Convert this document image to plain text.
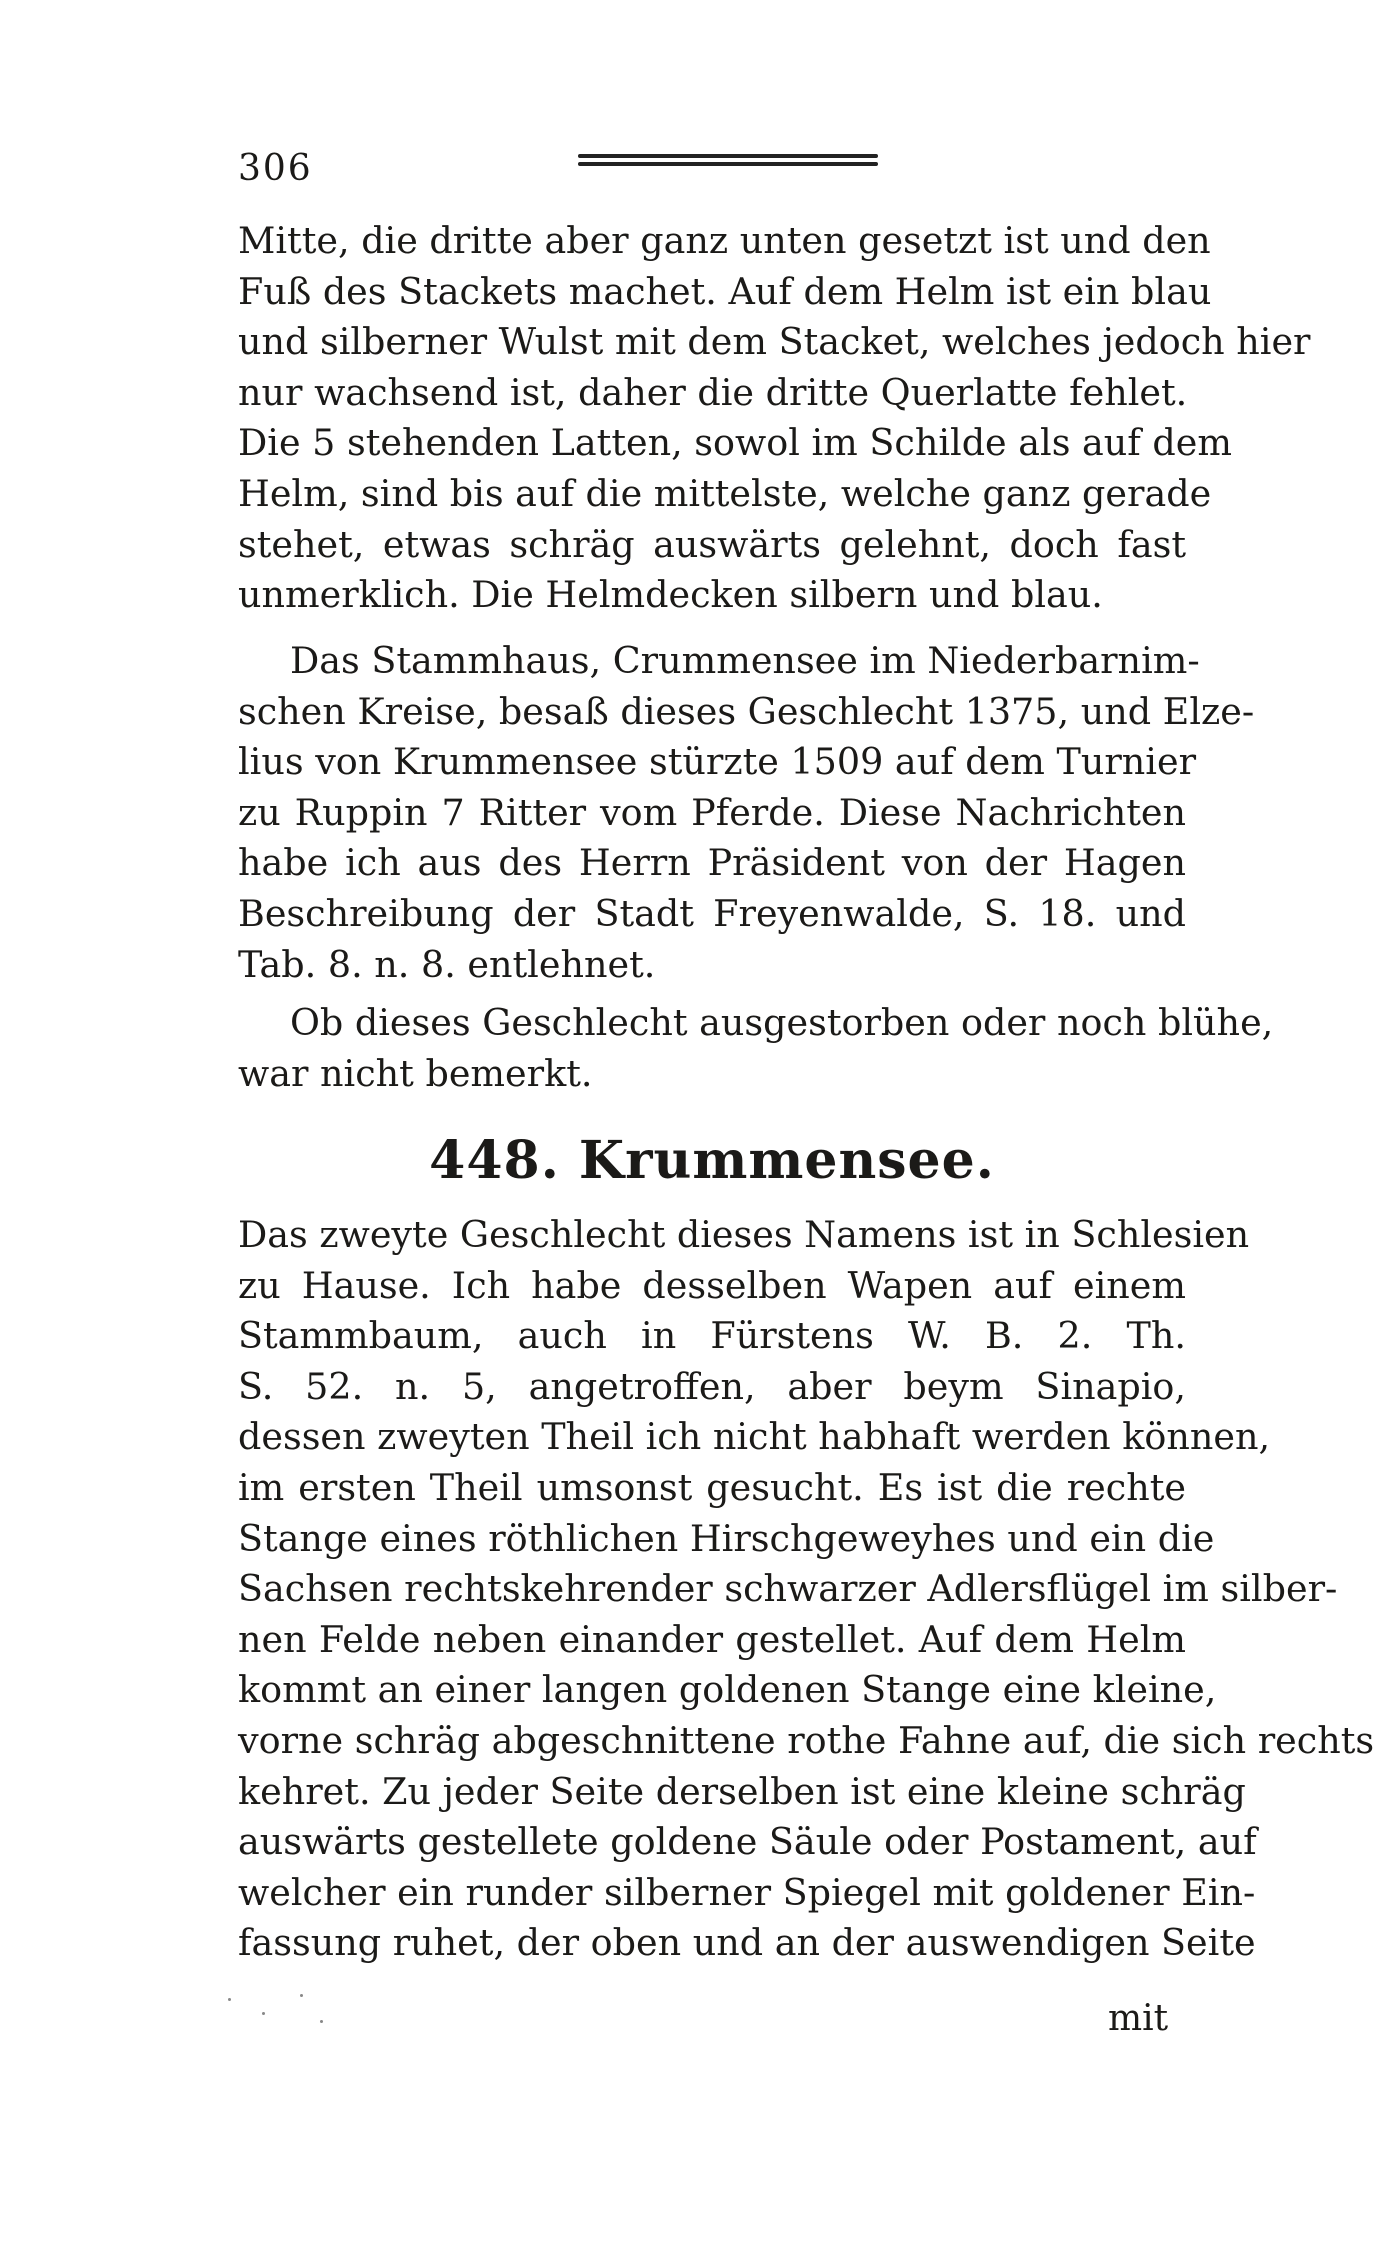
306
Mitte, die dritte aber ganz unten gesetzt ist und den
Fuß des Stackets machet. Auf dem Helm ist ein blau
und silberner Wulst mit dem Stacket, welches jedoch hier
nur wachsend ist, daher die dritte Querlatte fehlet.
Die 5 stehenden Latten, sowol im Schilde als auf dem
Helm, sind bis auf die mittelste, welche ganz gerade
stehet, etwas schräg auswärts gelehnt, doch fast
unmerklich. Die Helmdecken silbern und blau.
Das Stammhaus, Crummensee im Niederbarnim-
schen Kreise, besaß dieses Geschlecht 1375, und Elze-
lius von Krummensee stürzte 1509 auf dem Turnier
zu Ruppin 7 Ritter vom Pferde. Diese Nachrichten
habe ich aus des Herrn Präsident von der Hagen
Beschreibung der Stadt Freyenwalde, S. 18. und
Tab. 8. n. 8. entlehnet.
Ob dieses Geschlecht ausgestorben oder noch blühe,
war nicht bemerkt.
448. Krummensee.
Das zweyte Geschlecht dieses Namens ist in Schlesien
zu Hause. Ich habe desselben Wapen auf einem
Stammbaum, auch in Fürstens W. B. 2. Th.
S. 52. n. 5, angetroffen, aber beym Sinapio,
dessen zweyten Theil ich nicht habhaft werden können,
im ersten Theil umsonst gesucht. Es ist die rechte
Stange eines röthlichen Hirschgeweyhes und ein die
Sachsen rechtskehrender schwarzer Adlersflügel im silber-
nen Felde neben einander gestellet. Auf dem Helm
kommt an einer langen goldenen Stange eine kleine,
vorne schräg abgeschnittene rothe Fahne auf, die sich rechts
kehret. Zu jeder Seite derselben ist eine kleine schräg
auswärts gestellete goldene Säule oder Postament, auf
welcher ein runder silberner Spiegel mit goldener Ein-
fassung ruhet, der oben und an der auswendigen Seite
mit
